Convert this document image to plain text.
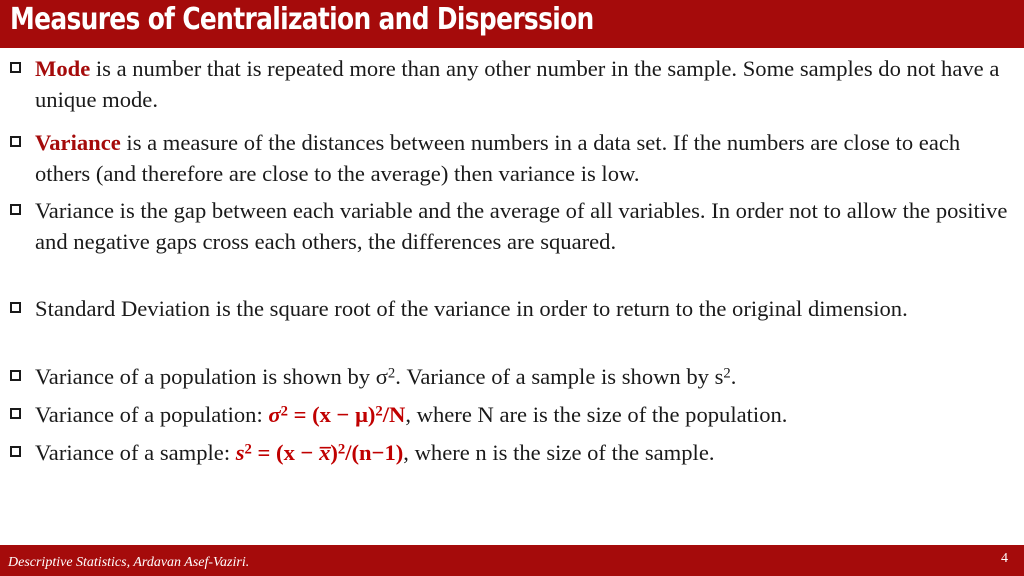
Measures of Centralization and Disperssion
Mode is a number that is repeated more than any other number in the sample. Some samples do not have a unique mode.
Variance is a measure of the distances between numbers in a data set. If the numbers are close to each others (and therefore are close to the average) then variance is low.
Variance is the gap between each variable and the average of all variables. In order not to allow the positive and negative gaps cross each others, the differences are squared.
Standard Deviation is the square root of the variance in order to return to the original dimension.
Variance of a population is shown by $\sigma^2$. Variance of a sample is shown by $s^2$.
Variance of a population: $\sigma^2 = (x - \mu)^2/N$, where N are is the size of the population.
Variance of a sample: $s^2 = (x$ − x̅)$^2$/(n−1), where n is the size of the sample.
Descriptive Statistics, Ardavan Asef-Vaziri.	4
